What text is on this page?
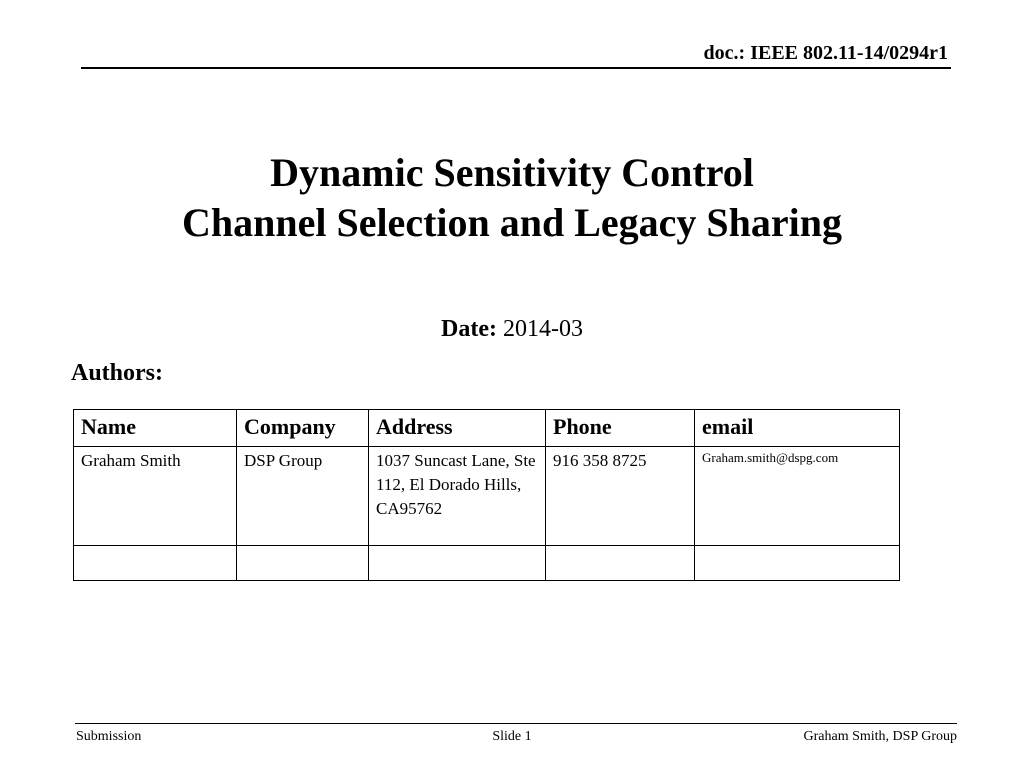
doc.: IEEE 802.11-14/0294r1
Dynamic Sensitivity Control
Channel Selection and Legacy Sharing
Date: 2014-03
Authors:
Name	Company	Address	Phone	email
Graham Smith	DSP Group	1037 Suncast Lane, Ste 112, El Dorado Hills, CA95762	916 358 8725	Graham.smith@dspg.com

Submission	Slide 1	Graham Smith, DSP Group
